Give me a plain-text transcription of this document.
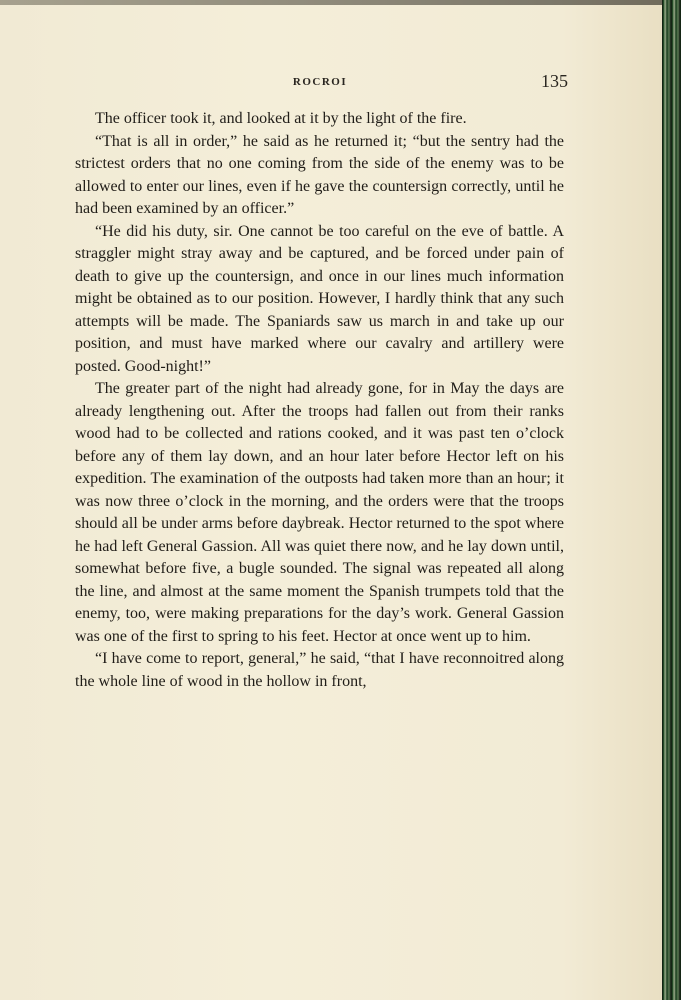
ROCROI	135

The officer took it, and looked at it by the light of the fire.

“That is all in order,” he said as he returned it; “but the sentry had the strictest orders that no one coming from the side of the enemy was to be allowed to enter our lines, even if he gave the countersign correctly, until he had been examined by an officer.”

“He did his duty, sir. One cannot be too careful on the eve of battle. A straggler might stray away and be captured, and be forced under pain of death to give up the countersign, and once in our lines much information might be obtained as to our position. However, I hardly think that any such attempts will be made. The Spaniards saw us march in and take up our position, and must have marked where our cavalry and artillery were posted. Good-night!”

The greater part of the night had already gone, for in May the days are already lengthening out. After the troops had fallen out from their ranks wood had to be collected and rations cooked, and it was past ten o’clock before any of them lay down, and an hour later before Hector left on his expedition. The examination of the outposts had taken more than an hour; it was now three o’clock in the morning, and the orders were that the troops should all be under arms before daybreak. Hector returned to the spot where he had left General Gassion. All was quiet there now, and he lay down until, somewhat before five, a bugle sounded. The signal was repeated all along the line, and almost at the same moment the Spanish trumpets told that the enemy, too, were making preparations for the day’s work. General Gassion was one of the first to spring to his feet. Hector at once went up to him.

“I have come to report, general,” he said, “that I have reconnoitred along the whole line of wood in the hollow in front,
